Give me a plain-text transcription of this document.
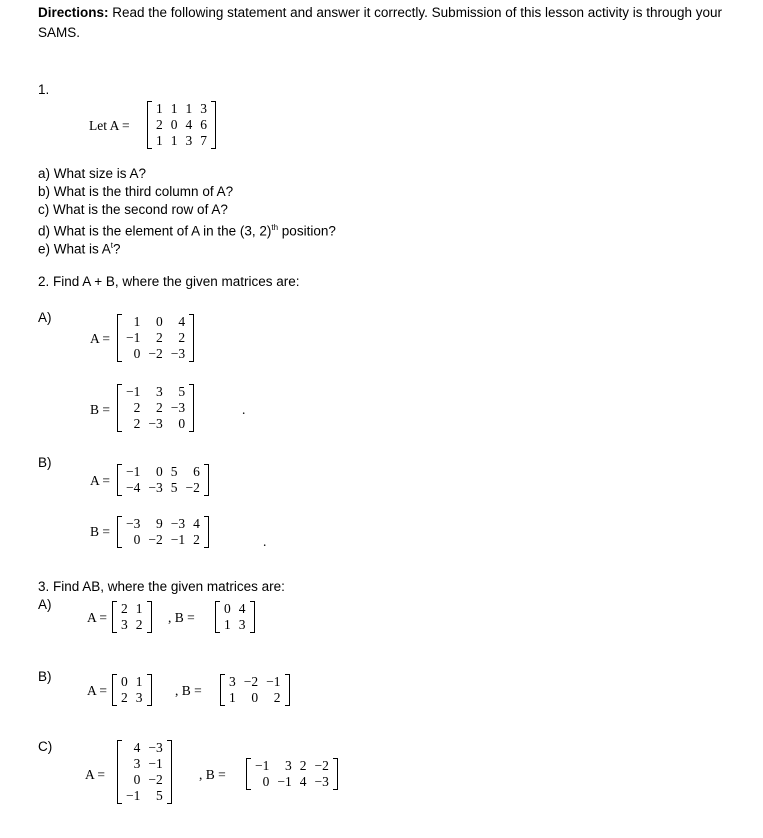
Directions: Read the following statement and answer it correctly. Submission of this lesson activity is through your SAMS.
1.
Let A =
1	1	1	3
2	0	4	6
1	1	3	7
a) What size is A?
b) What is the third column of A?
c) What is the second row of A?
d) What is the element of A in the (3, 2)$^{th}$ position?
e) What is $A^t$?
2. Find A + B, where the given matrices are:
A)
A =
1	0	4
−1	2	2
0	−2	−3
B =
−1	3	5
2	2	−3
2	−3	0
.
B)
A =
−1	0	5	6
−4	−3	5	−2
B =
−3	9	−3	4
0	−2	−1	2	.
3. Find AB, where the given matrices are:
A)
A =
2	1
3	2 , B =
0	4
1	3
B)
A =
0	1
2	3 , B =
3	−2	−1
1	0	2
C)
A =
4	−3
3	−1
0	−2
−1	5
, B =
−1	3	2	−2
0	−1	4	−3
